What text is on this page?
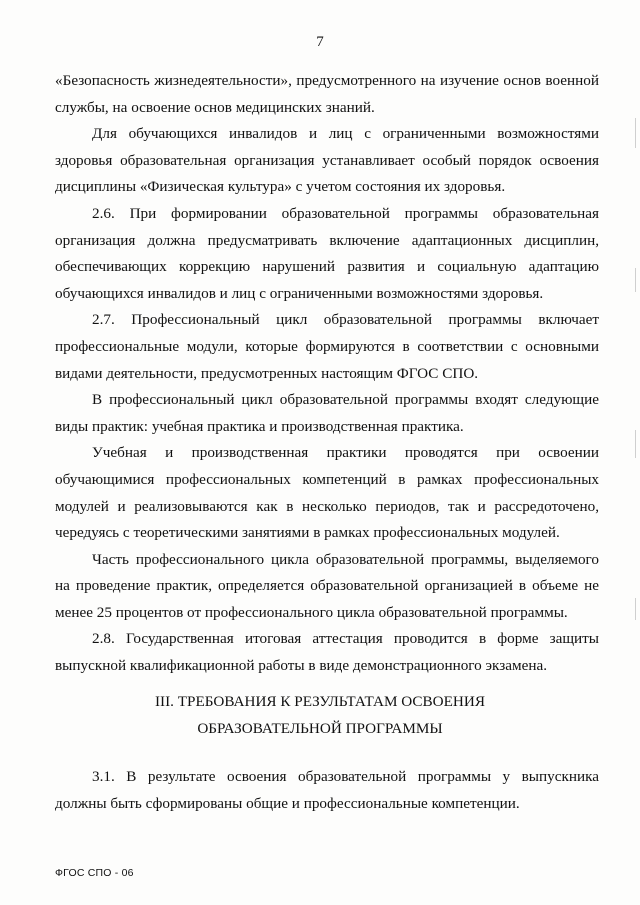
7

«Безопасность жизнедеятельности», предусмотренного на изучение основ военной службы, на освоение основ медицинских знаний.

Для обучающихся инвалидов и лиц с ограниченными возможностями здоровья образовательная организация устанавливает особый порядок освоения дисциплины «Физическая культура» с учетом состояния их здоровья.

2.6. При формировании образовательной программы образовательная организация должна предусматривать включение адаптационных дисциплин, обеспечивающих коррекцию нарушений развития и социальную адаптацию обучающихся инвалидов и лиц с ограниченными возможностями здоровья.

2.7. Профессиональный цикл образовательной программы включает профессиональные модули, которые формируются в соответствии с основными видами деятельности, предусмотренных настоящим ФГОС СПО.

В профессиональный цикл образовательной программы входят следующие виды практик: учебная практика и производственная практика.

Учебная и производственная практики проводятся при освоении обучающимися профессиональных компетенций в рамках профессиональных модулей и реализовываются как в несколько периодов, так и рассредоточено, чередуясь с теоретическими занятиями в рамках профессиональных модулей.

Часть профессионального цикла образовательной программы, выделяемого на проведение практик, определяется образовательной организацией в объеме не менее 25 процентов от профессионального цикла образовательной программы.

2.8. Государственная итоговая аттестация проводится в форме защиты выпускной квалификационной работы в виде демонстрационного экзамена.

III. ТРЕБОВАНИЯ К РЕЗУЛЬТАТАМ ОСВОЕНИЯ
ОБРАЗОВАТЕЛЬНОЙ ПРОГРАММЫ

3.1. В результате освоения образовательной программы у выпускника должны быть сформированы общие и профессиональные компетенции.

ФГОС СПО - 06
